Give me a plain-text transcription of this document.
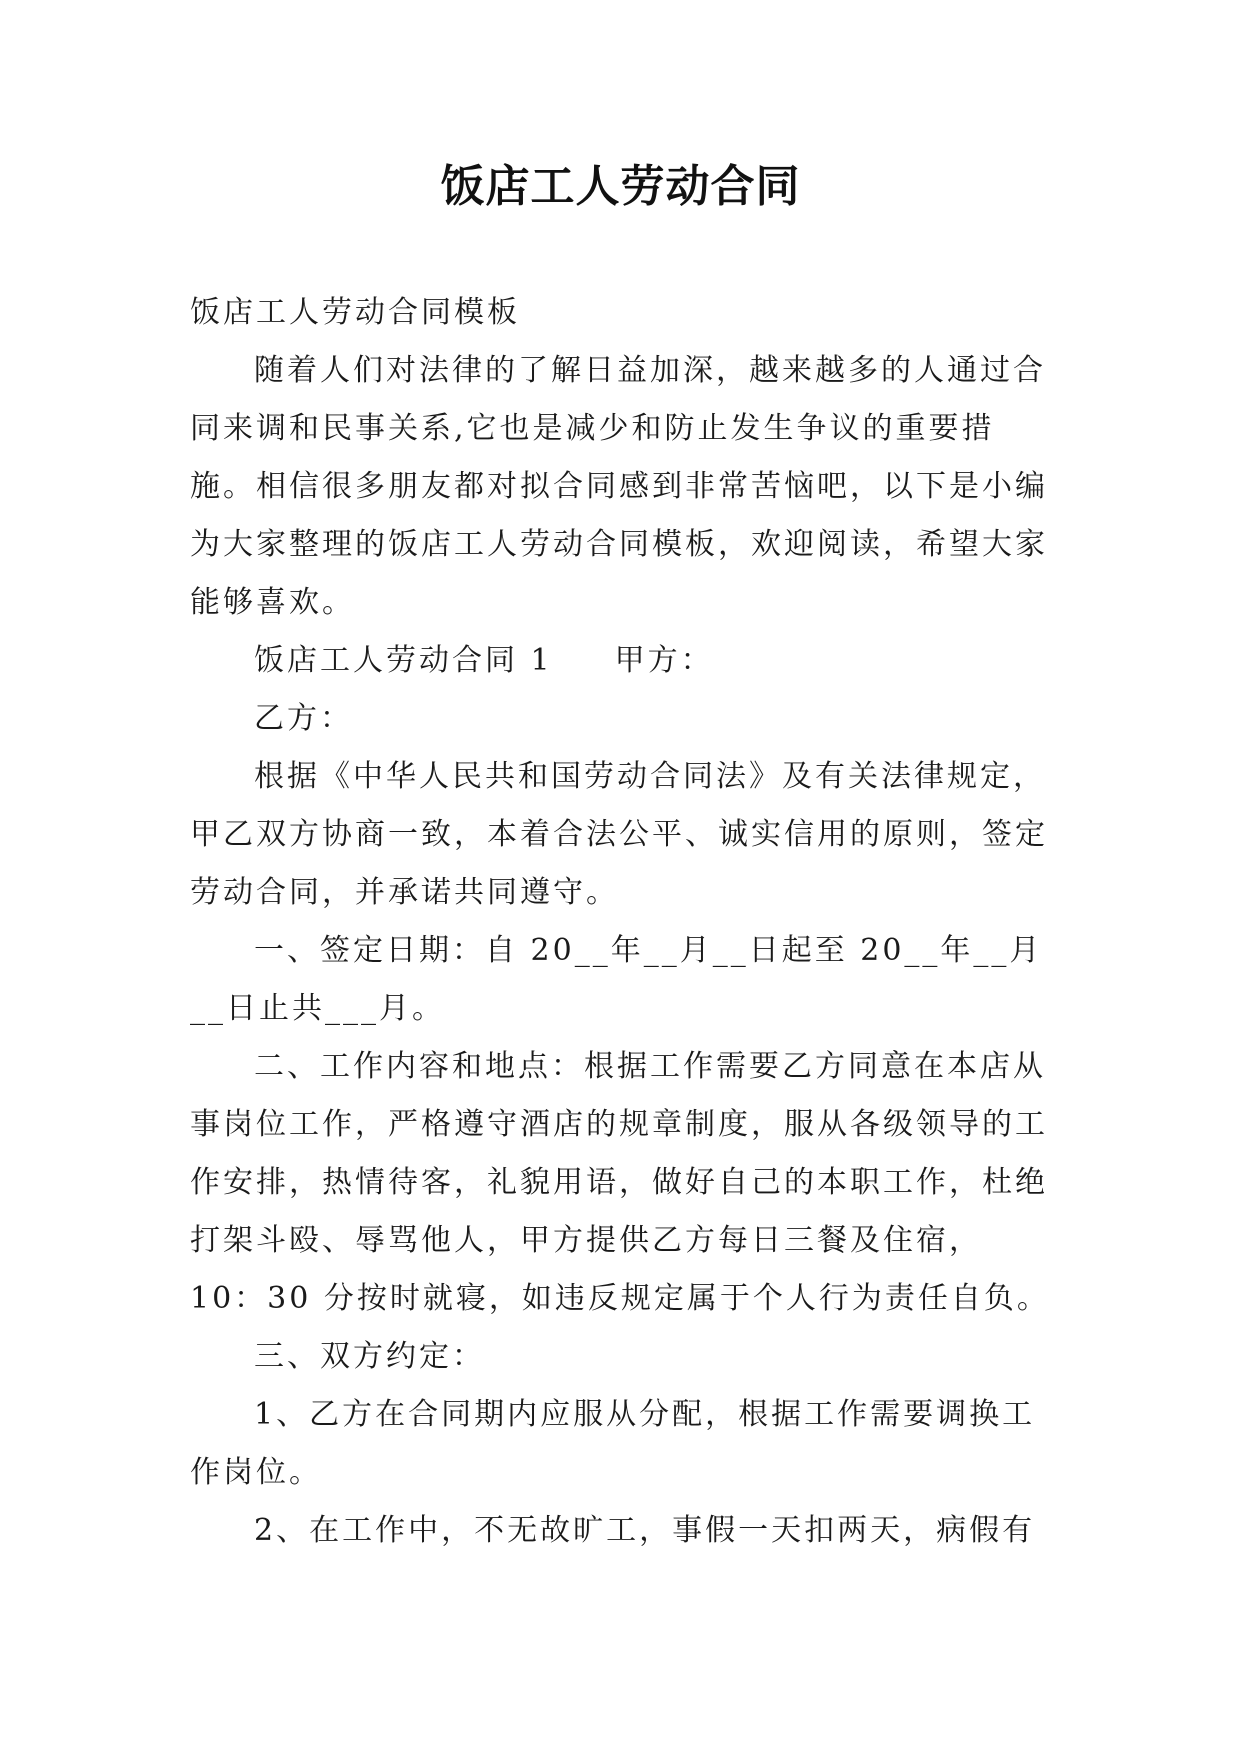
饭店工人劳动合同

饭店工人劳动合同模板

随着人们对法律的了解日益加深，越来越多的人通过合同来调和民事关系,它也是减少和防止发生争议的重要措施。相信很多朋友都对拟合同感到非常苦恼吧，以下是小编为大家整理的饭店工人劳动合同模板，欢迎阅读，希望大家能够喜欢。

饭店工人劳动合同 1 甲方：

乙方：

根据《中华人民共和国劳动合同法》及有关法律规定，甲乙双方协商一致，本着合法公平、诚实信用的原则，签定劳动合同，并承诺共同遵守。

一、签定日期：自 20__年__月__日起至 20__年__月__日止共___月。

二、工作内容和地点：根据工作需要乙方同意在本店从事岗位工作，严格遵守酒店的规章制度，服从各级领导的工作安排，热情待客，礼貌用语，做好自己的本职工作，杜绝打架斗殴、辱骂他人，甲方提供乙方每日三餐及住宿，10：30 分按时就寝，如违反规定属于个人行为责任自负。

三、双方约定：

1、乙方在合同期内应服从分配，根据工作需要调换工作岗位。

2、在工作中，不无故旷工，事假一天扣两天，病假有
